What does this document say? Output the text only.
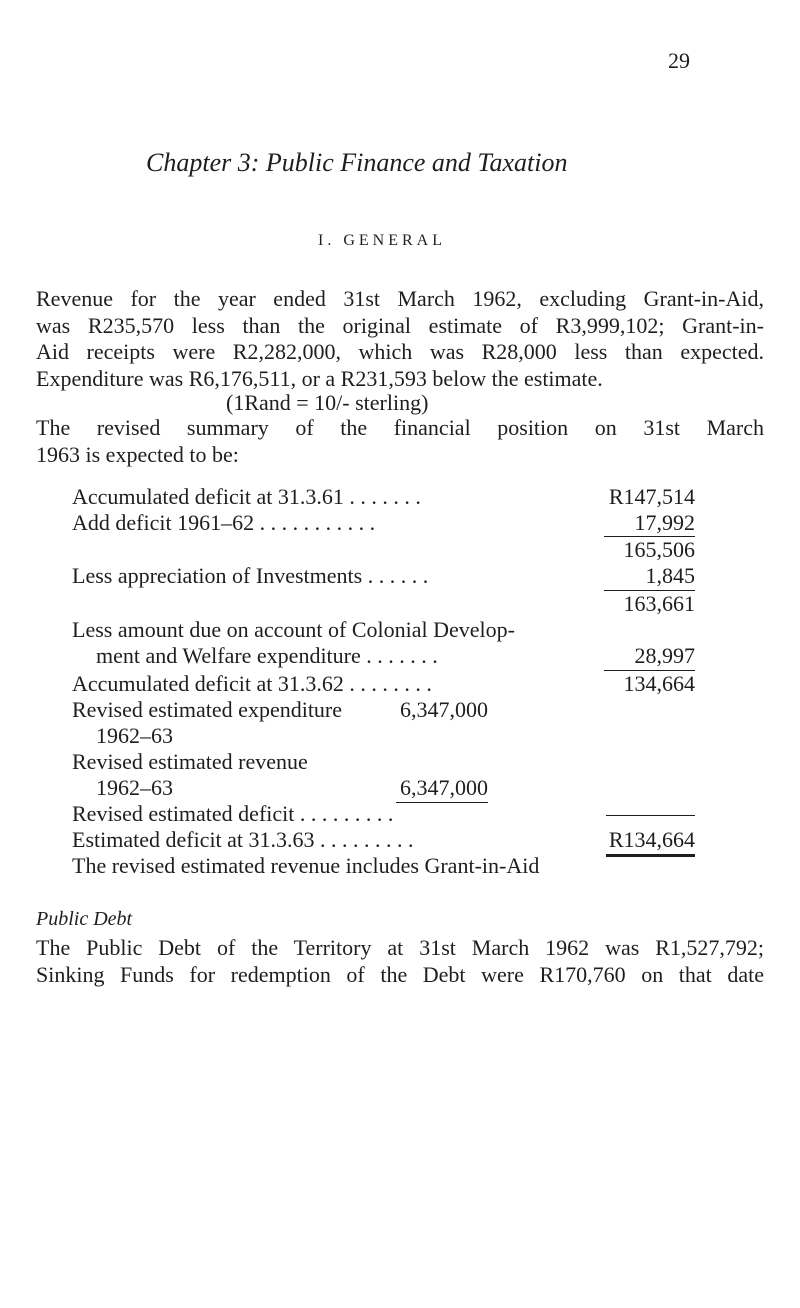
29
Chapter 3: Public Finance and Taxation
I. GENERAL
Revenue for the year ended 31st March 1962, excluding Grant-in-Aid,
was R235,570 less than the original estimate of R3,999,102; Grant-in-
Aid receipts were R2,282,000, which was R28,000 less than expected.
Expenditure was R6,176,511, or a R231,593 below the estimate.
(1Rand = 10/- sterling)
The revised summary of the financial position on 31st March
1963 is expected to be:
Accumulated deficit at 31.3.61 . . . . . . .	R147,514
Add deficit 1961–62 . . . . . . . . . . .	17,992
165,506
Less appreciation of Investments . . . . . .	1,845
163,661
Less amount due on account of Colonial Develop-
ment and Welfare expenditure . . . . . . .	28,997
Accumulated deficit at 31.3.62 . . . . . . . .	134,664
Revised estimated expenditure	6,347,000
1962–63
Revised estimated revenue
1962–63	6,347,000
Revised estimated deficit . . . . . . . . .
Estimated deficit at 31.3.63 . . . . . . . . .	R134,664
The revised estimated revenue includes Grant-in-Aid
Public Debt
The Public Debt of the Territory at 31st March 1962 was R1,527,792;
Sinking Funds for redemption of the Debt were R170,760 on that date
